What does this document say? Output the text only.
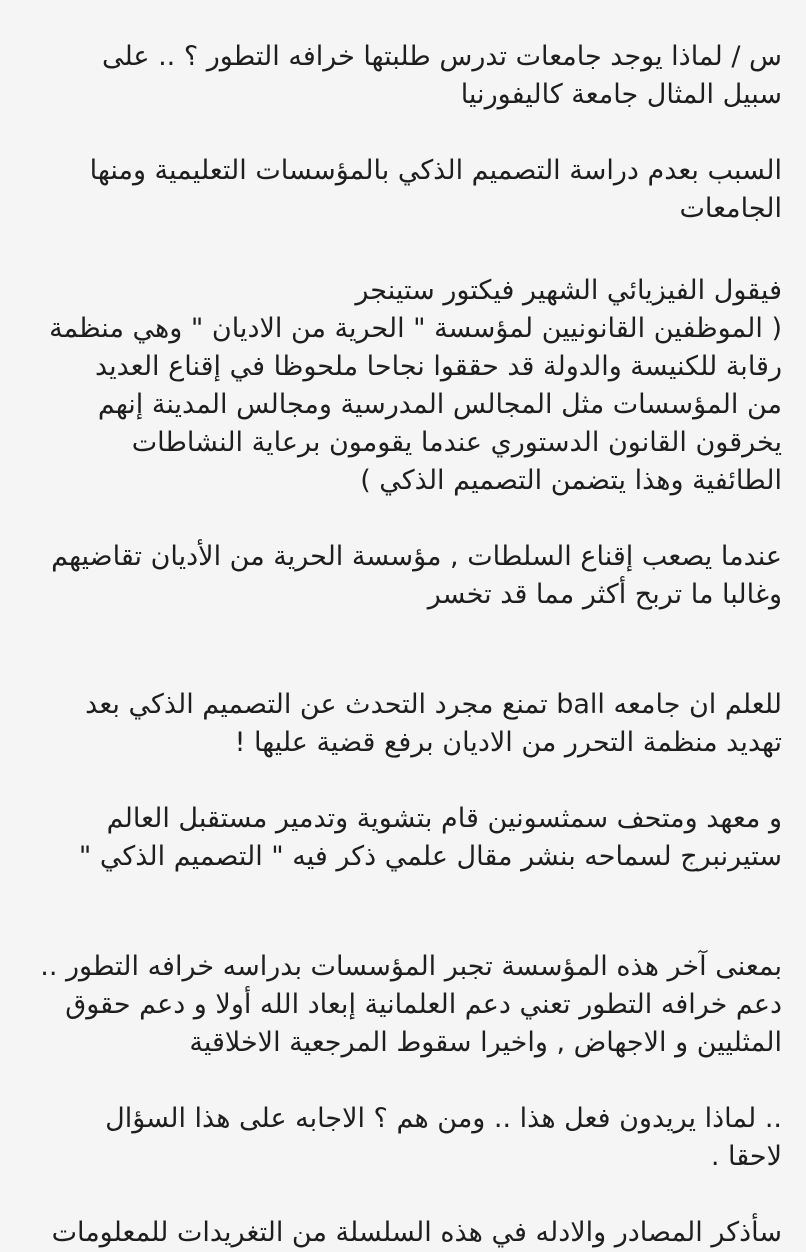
س / لماذا يوجد جامعات تدرس طلبتها خرافه التطور ؟ .. على
سبيل المثال جامعة كاليفورنيا

السبب بعدم دراسة التصميم الذكي بالمؤسسات التعليمية ومنها
الجامعات

فيقول الفيزيائي الشهير فيكتور ستينجر
( الموظفين القانونيين لمؤسسة " الحرية من الاديان " وهي منظمة
رقابة للكنيسة والدولة قد حققوا نجاحا ملحوظا في إقناع العديد
من المؤسسات مثل المجالس المدرسية ومجالس المدينة إنهم
يخرقون القانون الدستوري عندما يقومون برعاية النشاطات
الطائفية وهذا يتضمن التصميم الذكي )

عندما يصعب إقناع السلطات , مؤسسة الحرية من الأديان تقاضيهم
وغالبا ما تربح أكثر مما قد تخسر

للعلم ان جامعه ball تمنع مجرد التحدث عن التصميم الذكي بعد
تهديد منظمة التحرر من الاديان برفع قضية عليها !

و معهد ومتحف سمثسونين قام بتشوية وتدمير مستقبل العالم
ستيرنبرج لسماحه بنشر مقال علمي ذكر فيه " التصميم الذكي "

بمعنى آخر هذه المؤسسة تجبر المؤسسات بدراسه خرافه التطور ..
دعم خرافه التطور تعني دعم العلمانية إبعاد الله أولا و دعم حقوق
المثليين و الاجهاض , واخيرا سقوط المرجعية الاخلاقية

.. لماذا يريدون فعل هذا .. ومن هم ؟ الاجابه على هذا السؤال
لاحقا .

سأذكر المصادر والادله في هذه السلسلة من التغريدات للمعلومات
